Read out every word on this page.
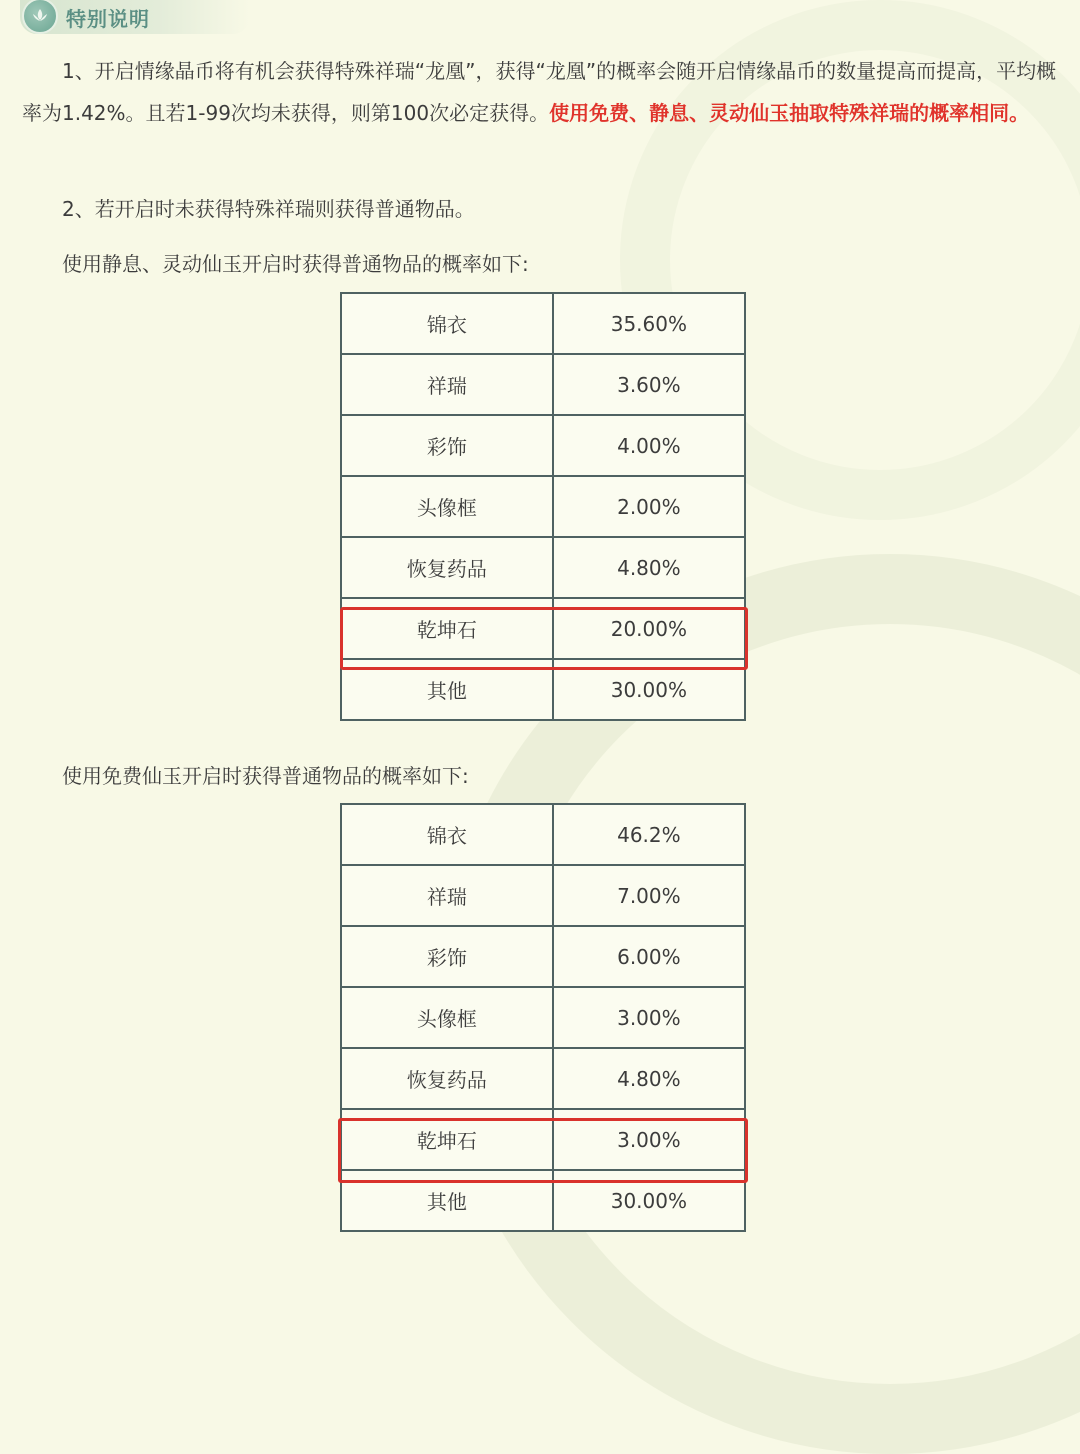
特别说明
1、开启情缘晶币将有机会获得特殊祥瑞“龙凰”，获得“龙凰”的概率会随开启情缘晶币的数量提高而提高，平均概率为1.42%。且若1-99次均未获得，则第100次必定获得。使用免费、静息、灵动仙玉抽取特殊祥瑞的概率相同。
2、若开启时未获得特殊祥瑞则获得普通物品。
使用静息、灵动仙玉开启时获得普通物品的概率如下:
锦衣	35.60%
祥瑞	3.60%
彩饰	4.00%
头像框	2.00%
恢复药品	4.80%
乾坤石	20.00%
其他	30.00%
使用免费仙玉开启时获得普通物品的概率如下:
锦衣	46.2%
祥瑞	7.00%
彩饰	6.00%
头像框	3.00%
恢复药品	4.80%
乾坤石	3.00%
其他	30.00%
